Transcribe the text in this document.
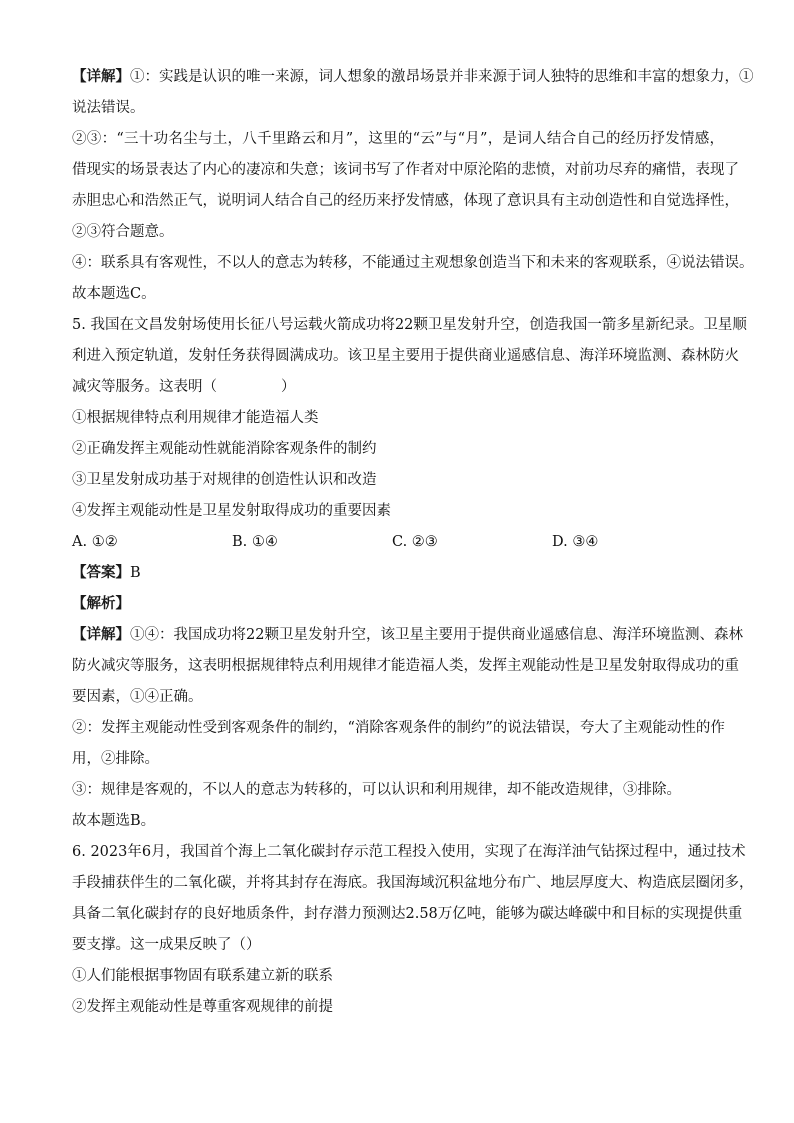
【详解】①：实践是认识的唯一来源，词人想象的激昂场景并非来源于词人独特的思维和丰富的想象力，①
说法错误。
②③：“三十功名尘与土，八千里路云和月”，这里的“云”与“月”，是词人结合自己的经历抒发情感，
借现实的场景表达了内心的凄凉和失意；该词书写了作者对中原沦陷的悲愤，对前功尽弃的痛惜，表现了
赤胆忠心和浩然正气，说明词人结合自己的经历来抒发情感，体现了意识具有主动创造性和自觉选择性，
②③符合题意。
④：联系具有客观性，不以人的意志为转移，不能通过主观想象创造当下和未来的客观联系，④说法错误。
故本题选C。
5. 我国在文昌发射场使用长征八号运载火箭成功将22颗卫星发射升空，创造我国一箭多星新纪录。卫星顺
利进入预定轨道，发射任务获得圆满成功。该卫星主要用于提供商业遥感信息、海洋环境监测、森林防火
减灾等服务。这表明（	）
①根据规律特点利用规律才能造福人类
②正确发挥主观能动性就能消除客观条件的制约
③卫星发射成功基于对规律的创造性认识和改造
④发挥主观能动性是卫星发射取得成功的重要因素
A. ①②	B. ①④	C. ②③	D. ③④
【答案】B
【解析】
【详解】①④：我国成功将22颗卫星发射升空，该卫星主要用于提供商业遥感信息、海洋环境监测、森林
防火减灾等服务，这表明根据规律特点利用规律才能造福人类，发挥主观能动性是卫星发射取得成功的重
要因素，①④正确。
②：发挥主观能动性受到客观条件的制约，“消除客观条件的制约”的说法错误，夸大了主观能动性的作
用，②排除。
③：规律是客观的，不以人的意志为转移的，可以认识和利用规律，却不能改造规律，③排除。
故本题选B。
6. 2023年6月，我国首个海上二氧化碳封存示范工程投入使用，实现了在海洋油气钻探过程中，通过技术
手段捕获伴生的二氧化碳，并将其封存在海底。我国海域沉积盆地分布广、地层厚度大、构造底层圈闭多，
具备二氧化碳封存的良好地质条件，封存潜力预测达2.58万亿吨，能够为碳达峰碳中和目标的实现提供重
要支撑。这一成果反映了（）
①人们能根据事物固有联系建立新的联系
②发挥主观能动性是尊重客观规律的前提
